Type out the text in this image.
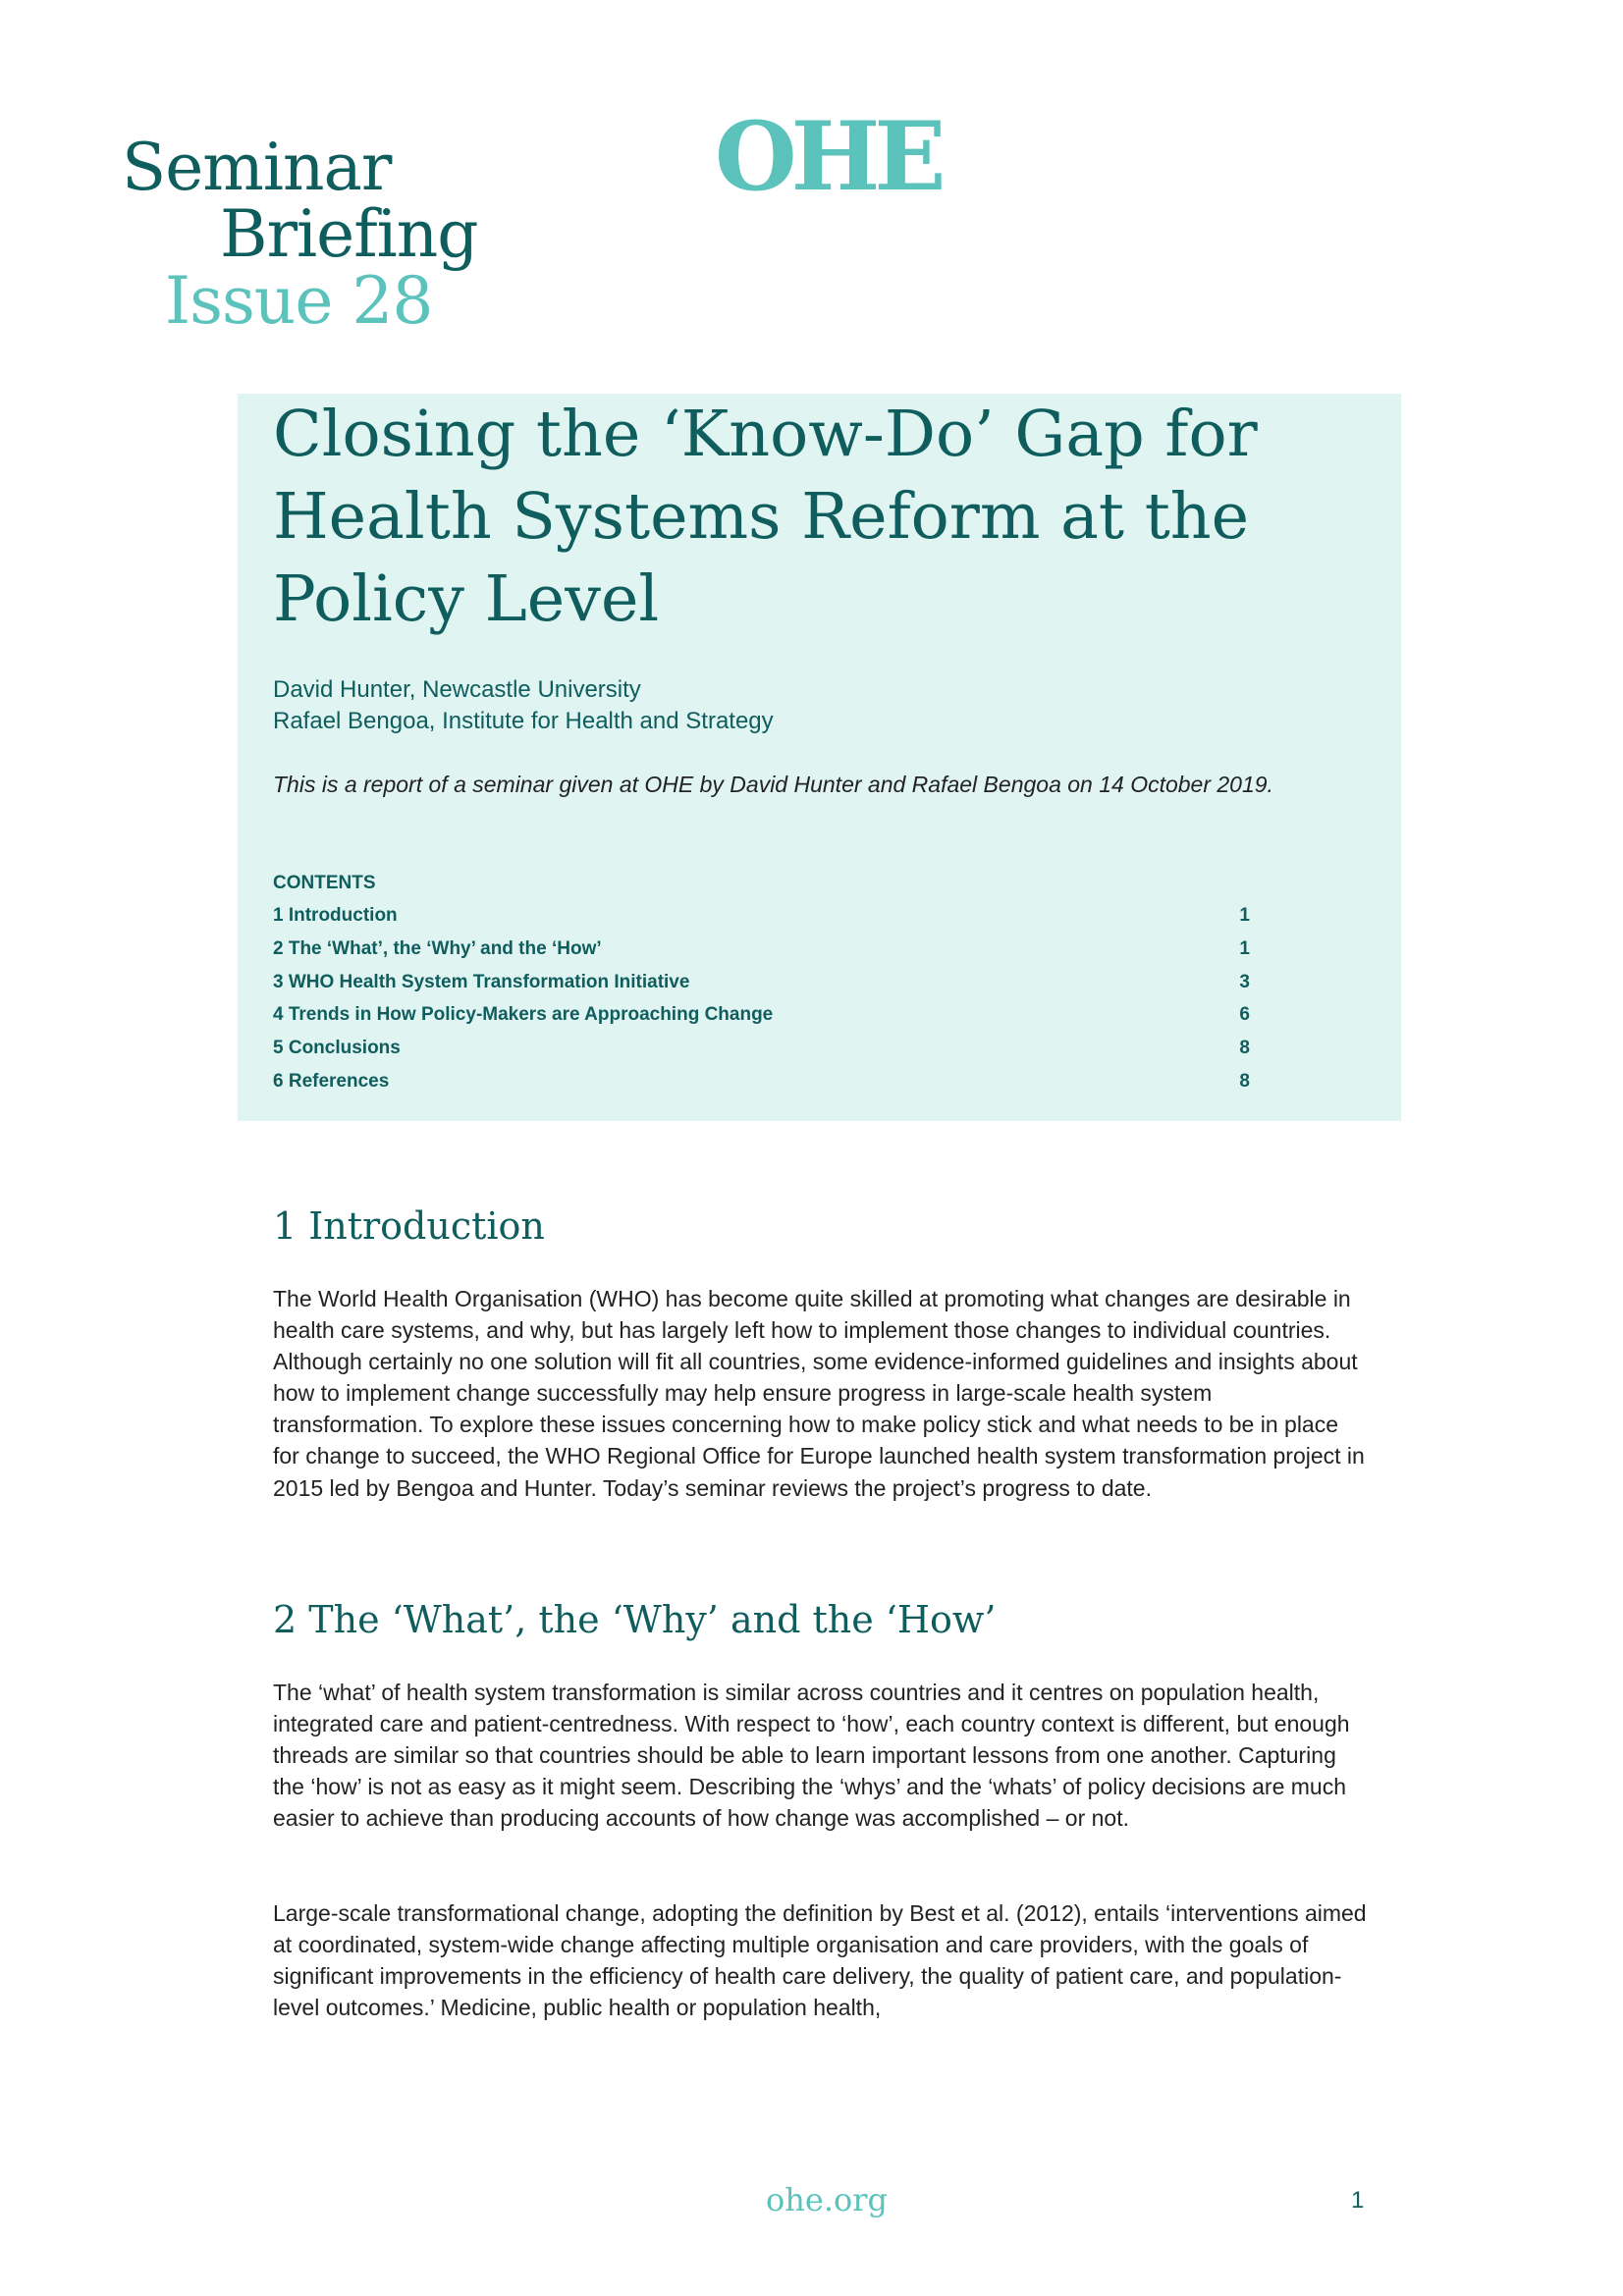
Seminar
Briefing
Issue 28
OHE
Closing the ‘Know-Do’ Gap for Health Systems Reform at the Policy Level
David Hunter, Newcastle University
Rafael Bengoa, Institute for Health and Strategy
This is a report of a seminar given at OHE by David Hunter and Rafael Bengoa on 14 October 2019.
CONTENTS
1 Introduction	1
2 The ‘What’, the ‘Why’ and the ‘How’	1
3 WHO Health System Transformation Initiative	3
4 Trends in How Policy-Makers are Approaching Change	6
5 Conclusions	8
6 References	8
1 Introduction

The World Health Organisation (WHO) has become quite skilled at promoting what changes are desirable in health care systems, and why, but has largely left how to implement those changes to individual countries. Although certainly no one solution will fit all countries, some evidence-informed guidelines and insights about how to implement change successfully may help ensure progress in large-scale health system transformation. To explore these issues concerning how to make policy stick and what needs to be in place for change to succeed, the WHO Regional Office for Europe launched health system transformation project in 2015 led by Bengoa and Hunter. Today’s seminar reviews the project’s progress to date.

2 The ‘What’, the ‘Why’ and the ‘How’

The ‘what’ of health system transformation is similar across countries and it centres on population health, integrated care and patient-centredness. With respect to ‘how’, each country context is different, but enough threads are similar so that countries should be able to learn important lessons from one another. Capturing the ‘how’ is not as easy as it might seem. Describing the ‘whys’ and the ‘whats’ of policy decisions are much easier to achieve than producing accounts of how change was accomplished – or not.

Large-scale transformational change, adopting the definition by Best et al. (2012), entails ‘interventions aimed at coordinated, system-wide change affecting multiple organisation and care providers, with the goals of significant improvements in the efficiency of health care delivery, the quality of patient care, and population-level outcomes.’ Medicine, public health or population health,

ohe.org	1
